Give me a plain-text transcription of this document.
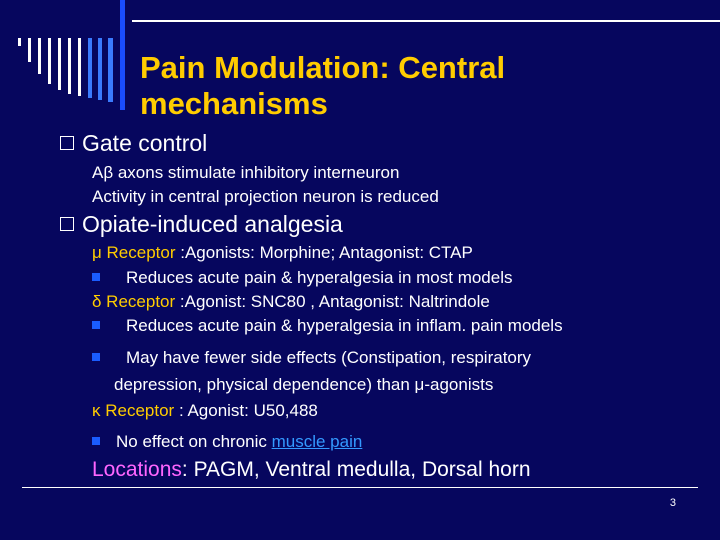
Pain Modulation: Central mechanisms
Gate control
Aβ axons stimulate inhibitory interneuron
Activity in central projection neuron is reduced
Opiate-induced analgesia
μ Receptor :Agonists: Morphine; Antagonist: CTAP
Reduces acute pain & hyperalgesia in most models
δ Receptor :Agonist: SNC80 , Antagonist: Naltrindole
Reduces acute pain & hyperalgesia in inflam. pain models
May have fewer side effects (Constipation, respiratory
depression, physical dependence) than μ-agonists
κ Receptor : Agonist: U50,488
No effect on chronic muscle pain
Locations: PAGM, Ventral medulla, Dorsal horn
3
